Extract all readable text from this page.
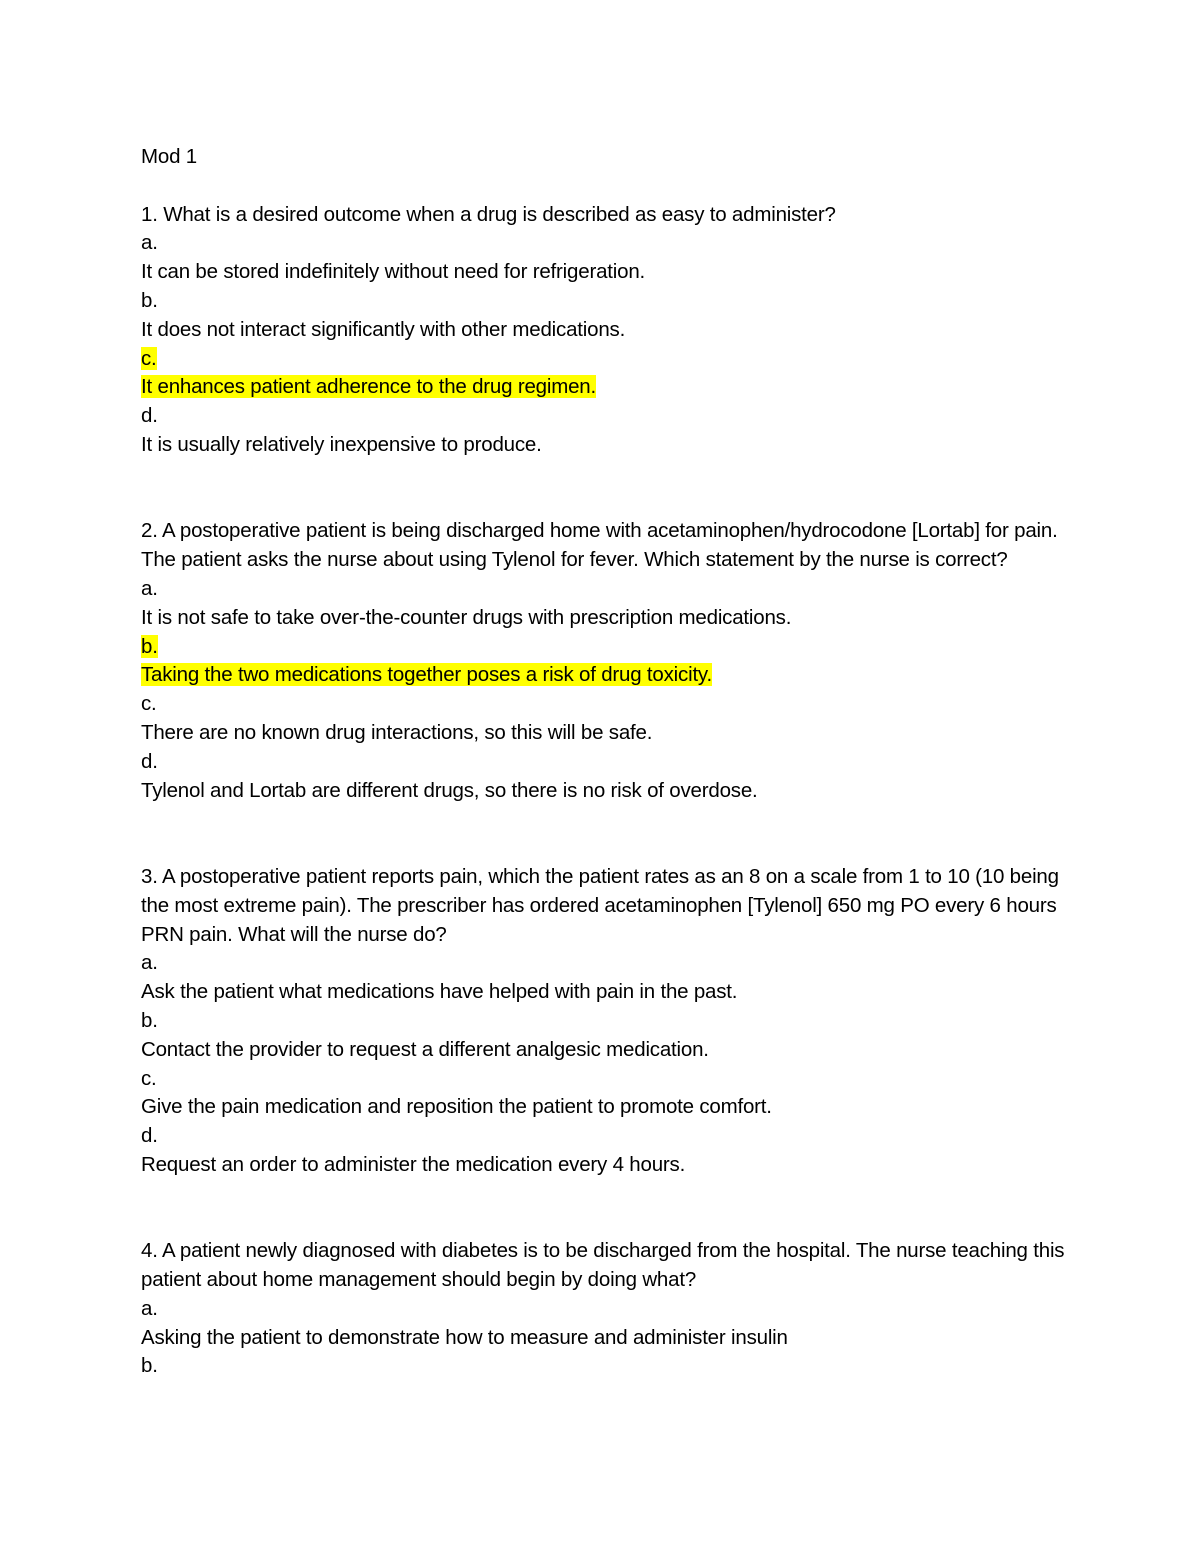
Mod 1

1. What is a desired outcome when a drug is described as easy to administer?

a.
It can be stored indefinitely without need for refrigeration.
b.
It does not interact significantly with other medications.
c.
It enhances patient adherence to the drug regimen.
d.
It is usually relatively inexpensive to produce.

2. A postoperative patient is being discharged home with acetaminophen/hydrocodone [Lortab] for pain. The patient asks the nurse about using Tylenol for fever. Which statement by the nurse is correct?

a.
It is not safe to take over-the-counter drugs with prescription medications.
b.
Taking the two medications together poses a risk of drug toxicity.
c.
There are no known drug interactions, so this will be safe.
d.
Tylenol and Lortab are different drugs, so there is no risk of overdose.

3. A postoperative patient reports pain, which the patient rates as an 8 on a scale from 1 to 10 (10 being the most extreme pain). The prescriber has ordered acetaminophen [Tylenol] 650 mg PO every 6 hours PRN pain. What will the nurse do?

a.
Ask the patient what medications have helped with pain in the past.
b.
Contact the provider to request a different analgesic medication.
c.
Give the pain medication and reposition the patient to promote comfort.
d.
Request an order to administer the medication every 4 hours.

4. A patient newly diagnosed with diabetes is to be discharged from the hospital. The nurse teaching this patient about home management should begin by doing what?

a.
Asking the patient to demonstrate how to measure and administer insulin
b.
